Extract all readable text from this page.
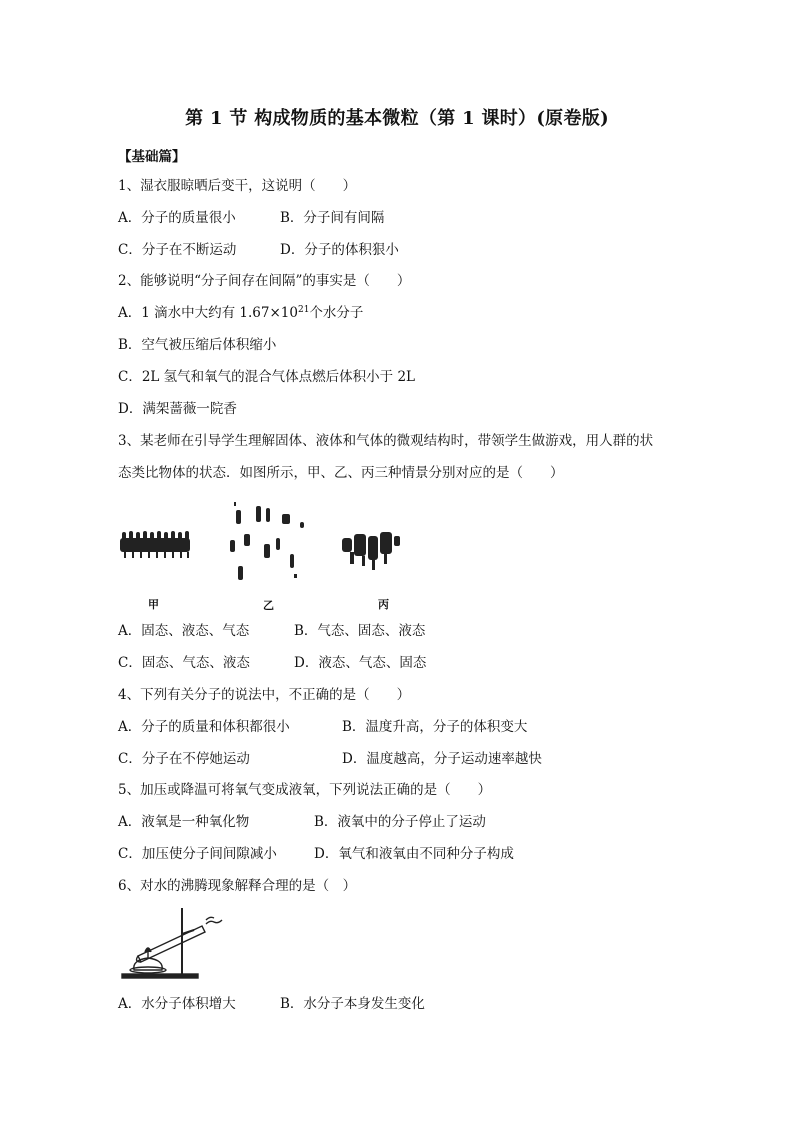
第 1 节 构成物质的基本微粒（第 1 课时）(原卷版)
【基础篇】
1、湿衣服晾晒后变干，这说明（　　）
A．分子的质量很小	B．分子间有间隔
C．分子在不断运动	D．分子的体积狠小
2、能够说明“分子间存在间隔”的事实是（　　）
A．1 滴水中大约有 $1.67\times 10^{21}$个水分子
B．空气被压缩后体积缩小
C．2L 氢气和氧气的混合气体点燃后体积小于 2L
D．满架蔷薇一院香
3、某老师在引导学生理解固体、液体和气体的微观结构时，带领学生做游戏，用人群的状
态类比物体的状态．如图所示，甲、乙、丙三种情景分别对应的是（　　）
甲	乙	丙
A．固态、液态、气态	B．气态、固态、液态
C．固态、气态、液态	D．液态、气态、固态
4、下列有关分子的说法中，不正确的是（　　）
A．分子的质量和体积都很小	B．温度升高，分子的体积变大
C．分子在不停她运动	D．温度越高，分子运动速率越快
5、加压或降温可将氧气变成液氧，下列说法正确的是（　　）
A．液氧是一种氧化物	B．液氧中的分子停止了运动
C．加压使分子间间隙减小	D．氧气和液氧由不同种分子构成
6、对水的沸腾现象解释合理的是（　）
A．水分子体积增大	B．水分子本身发生变化
